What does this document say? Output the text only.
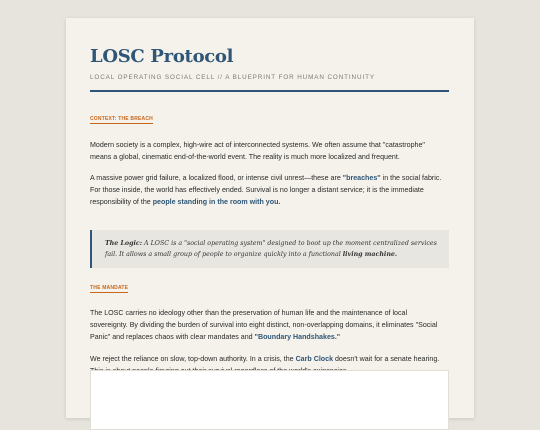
LOSC Protocol
LOCAL OPERATING SOCIAL CELL // A BLUEPRINT FOR HUMAN CONTINUITY
CONTEXT: THE BREACH

Modern society is a complex, high-wire act of interconnected systems. We often assume that "catastrophe" means a global, cinematic end-of-the-world event. The reality is much more localized and frequent.

A massive power grid failure, a localized flood, or intense civil unrest—these are "breaches" in the social fabric. For those inside, the world has effectively ended. Survival is no longer a distant service; it is the immediate responsibility of the people standing in the room with you.

The Logic: A LOSC is a "social operating system" designed to boot up the moment centralized services fail. It allows a small group of people to organize quickly into a functional living machine.

THE MANDATE

The LOSC carries no ideology other than the preservation of human life and the maintenance of local sovereignty. By dividing the burden of survival into eight distinct, non-overlapping domains, it eliminates "Social Panic" and replaces chaos with clear mandates and "Boundary Handshakes."

We reject the reliance on slow, top-down authority. In a crisis, the Carb Clock doesn't wait for a senate hearing.
